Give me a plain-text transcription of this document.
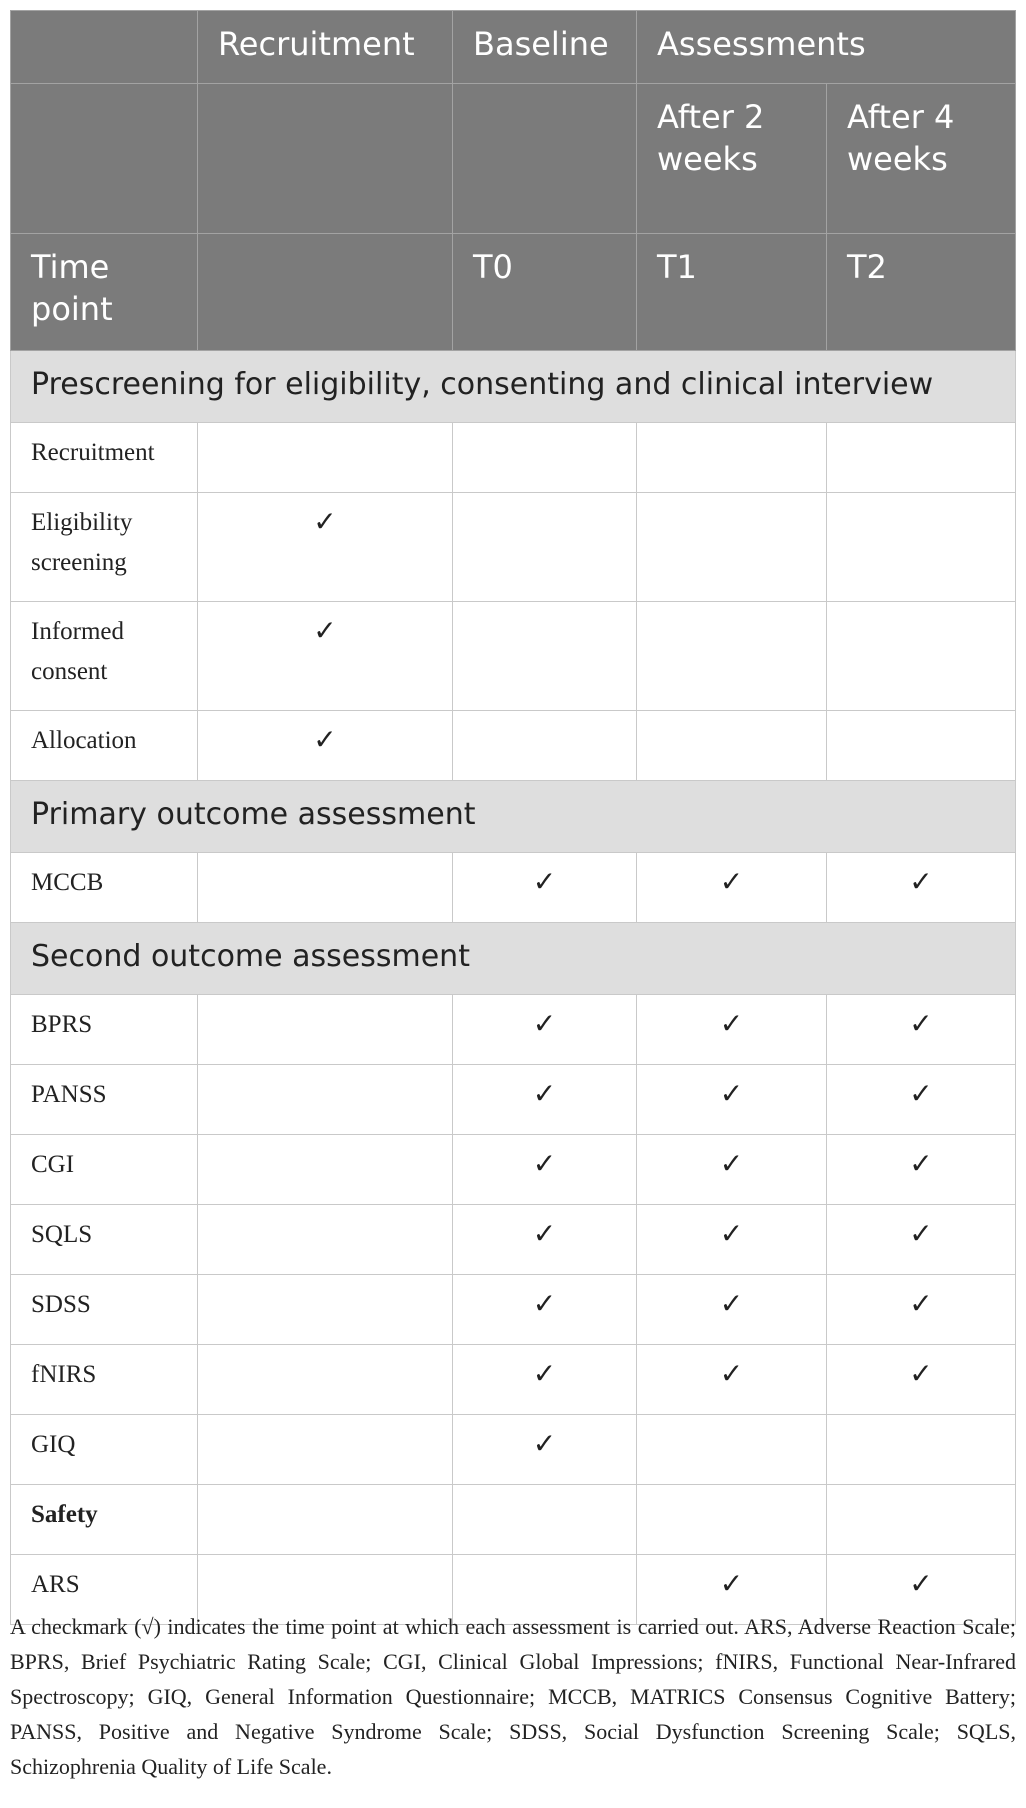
	Recruitment	Baseline	Assessments	
			After 2 weeks	After 4 weeks
Time point		T0	T1	T2
Prescreening for eligibility, consenting and clinical interview				
Recruitment				
Eligibility screening	✓			
Informed consent	✓			
Allocation	✓			
Primary outcome assessment				
MCCB		✓	✓	✓
Second outcome assessment				
BPRS		✓	✓	✓
PANSS		✓	✓	✓
CGI		✓	✓	✓
SQLS		✓	✓	✓
SDSS		✓	✓	✓
fNIRS		✓	✓	✓
GIQ		✓		
Safety				
ARS			✓	✓

A checkmark (√) indicates the time point at which each assessment is carried out. ARS, Adverse Reaction Scale; BPRS, Brief Psychiatric Rating Scale; CGI, Clinical Global Impressions; fNIRS, Functional Near-Infrared Spectroscopy; GIQ, General Information Questionnaire; MCCB, MATRICS Consensus Cognitive Battery; PANSS, Positive and Negative Syndrome Scale; SDSS, Social Dysfunction Screening Scale; SQLS, Schizophrenia Quality of Life Scale.
